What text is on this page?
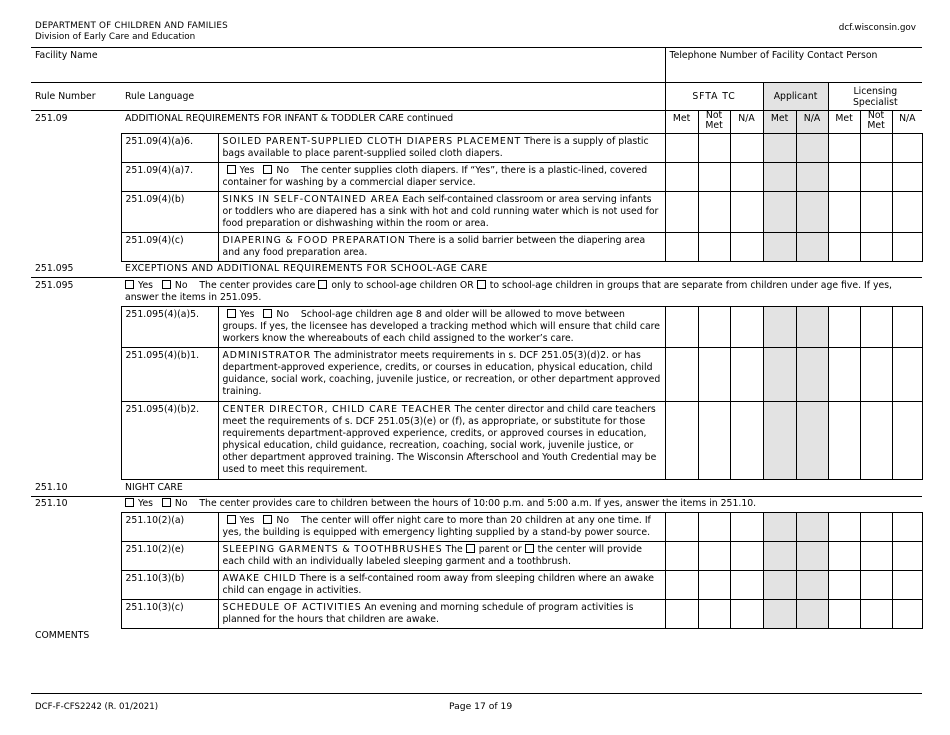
DEPARTMENT OF CHILDREN AND FAMILIES
Division of Early Care and Education
dcf.wisconsin.gov
Facility Name			Telephone Number of Facility Contact Person							
Rule Number	Rule Language		SFTA TC			Applicant		Licensing Specialist		
251.09	ADDITIONAL REQUIREMENTS FOR INFANT & TODDLER CARE continued		Met	Not Met	N/A	Met	N/A	Met	Not Met	N/A
	251.09(4)(a)6.	SOILED PARENT-SUPPLIED CLOTH DIAPERS PLACEMENT There is a supply of plastic bags available to place parent-supplied soiled cloth diapers.								
	251.09(4)(a)7.	Yes No The center supplies cloth diapers. If “Yes”, there is a plastic-lined, covered container for washing by a commercial diaper service.								
	251.09(4)(b)	SINKS IN SELF-CONTAINED AREA Each self-contained classroom or area serving infants or toddlers who are diapered has a sink with hot and cold running water which is not used for food preparation or dishwashing within the room or area.								
	251.09(4)(c)	DIAPERING & FOOD PREPARATION There is a solid barrier between the diapering area and any food preparation area.								
251.095	EXCEPTIONS AND ADDITIONAL REQUIREMENTS FOR SCHOOL-AGE CARE									
251.095	Yes No The center provides care only to school-age children OR to school-age children in groups that are separate from children under age five. If yes, answer the items in 251.095.									
	251.095(4)(a)5.	Yes No School-age children age 8 and older will be allowed to move between groups. If yes, the licensee has developed a tracking method which will ensure that child care workers know the whereabouts of each child assigned to the worker’s care.								
	251.095(4)(b)1.	ADMINISTRATOR The administrator meets requirements in s. DCF 251.05(3)(d)2. or has department-approved experience, credits, or courses in education, physical education, child guidance, social work, coaching, juvenile justice, or recreation, or other department approved training.								
	251.095(4)(b)2.	CENTER DIRECTOR, CHILD CARE TEACHER The center director and child care teachers meet the requirements of s. DCF 251.05(3)(e) or (f), as appropriate, or substitute for those requirements department-approved experience, credits, or approved courses in education, physical education, child guidance, recreation, coaching, social work, juvenile justice, or other department approved training. The Wisconsin Afterschool and Youth Credential may be used to meet this requirement.								
251.10	NIGHT CARE									
251.10	Yes No The center provides care to children between the hours of 10:00 p.m. and 5:00 a.m. If yes, answer the items in 251.10.									
	251.10(2)(a)	Yes No The center will offer night care to more than 20 children at any one time. If yes, the building is equipped with emergency lighting supplied by a stand-by power source.								
	251.10(2)(e)	SLEEPING GARMENTS & TOOTHBRUSHES The parent or the center will provide each child with an individually labeled sleeping garment and a toothbrush.								
	251.10(3)(b)	AWAKE CHILD There is a self-contained room away from sleeping children where an awake child can engage in activities.								
	251.10(3)(c)	SCHEDULE OF ACTIVITIES An evening and morning schedule of program activities is planned for the hours that children are awake.								
COMMENTS										
DCF-F-CFS2242 (R. 01/2021)	Page 17 of 19
